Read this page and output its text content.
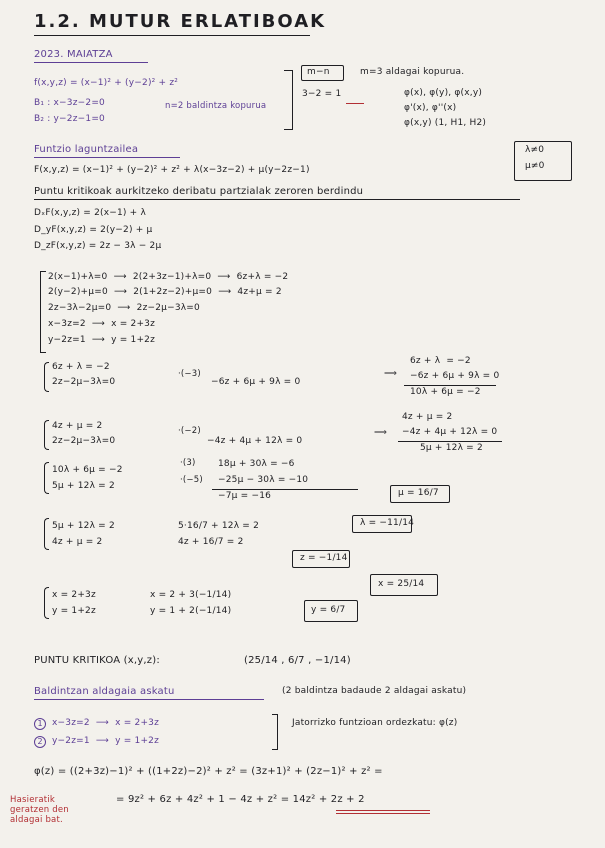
1.2. MUTUR ERLATIBOAK
2023. MAIATZA
f(x,y,z) = (x−1)² + (y−2)² + z²
B₁ : x−3z−2=0
B₂ : y−2z−1=0
n=2 baldintza kopurua
m−n
3−2 = 1
m=3 aldagai kopurua.
φ(x), φ(y), φ(x,y)
φ'(x), φ''(x)
φ(x,y) (1, H1, H2)
Funtzio laguntzailea
F(x,y,z) = (x−1)² + (y−2)² + z² + λ(x−3z−2) + μ(y−2z−1)
λ≠0
μ≠0
Puntu kritikoak aurkitzeko deribatu partzialak zeroren berdindu
DₓF(x,y,z) = 2(x−1) + λ
D_yF(x,y,z) = 2(y−2) + μ
D_zF(x,y,z) = 2z − 3λ − 2μ
2(x−1)+λ=0  ⟶  2(2+3z−1)+λ=0  ⟶  6z+λ = −2
2(y−2)+μ=0  ⟶  2(1+2z−2)+μ=0  ⟶  4z+μ = 2
2z−3λ−2μ=0  ⟶  2z−2μ−3λ=0
x−3z=2  ⟶  x = 2+3z
y−2z=1  ⟶  y = 1+2z
6z + λ = −2
2z−2μ−3λ=0
·(−3)
−6z + 6μ + 9λ = 0
⟹
6z + λ  = −2
−6z + 6μ + 9λ = 0
10λ + 6μ = −2
4z + μ = 2
2z−2μ−3λ=0
·(−2)
−4z + 4μ + 12λ = 0
⟹
4z + μ = 2
−4z + 4μ + 12λ = 0
5μ + 12λ = 2
10λ + 6μ = −2
5μ + 12λ = 2
·(3)
·(−5)
18μ + 30λ = −6
−25μ − 30λ = −10
−7μ = −16	μ = 16/7
5μ + 12λ = 2
4z + μ = 2
5·16/7 + 12λ = 2
4z + 16/7 = 2
λ = −11/14
z = −1/14
x = 2+3z
y = 1+2z
x = 2 + 3(−1/14)
y = 1 + 2(−1/14)
x = 25/14
y = 6/7
PUNTU KRITIKOA (x,y,z):	(25/14 , 6/7 , −1/14)
Baldintzan aldagaia askatu	(2 baldintza badaude 2 aldagai askatu)
1
2
x−3z=2  ⟶  x = 2+3z
y−2z=1  ⟶  y = 1+2z
Jatorrizko funtzioan ordezkatu: φ(z)
φ(z) = ((2+3z)−1)² + ((1+2z)−2)² + z² = (3z+1)² + (2z−1)² + z² =
= 9z² + 6z + 4z² + 1 − 4z + z² = 14z² + 2z + 2
Hasieratik geratzen den aldagai bat.
